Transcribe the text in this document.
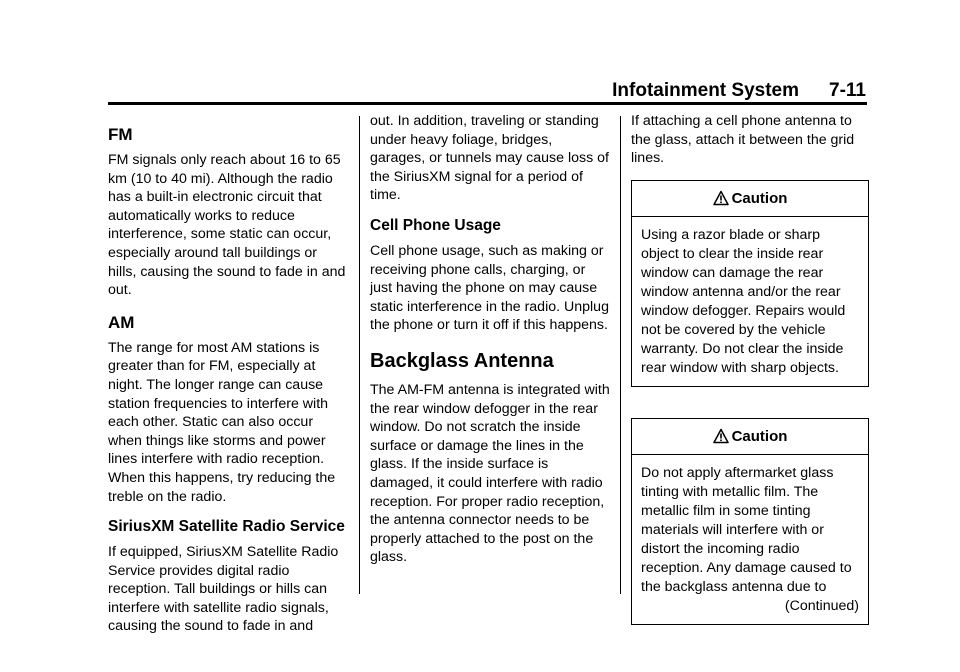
Infotainment System 7-11
FM

FM signals only reach about 16 to 65 km (10 to 40 mi). Although the radio has a built-in electronic circuit that automatically works to reduce interference, some static can occur, especially around tall buildings or hills, causing the sound to fade in and out.

AM

The range for most AM stations is greater than for FM, especially at night. The longer range can cause station frequencies to interfere with each other. Static can also occur when things like storms and power lines interfere with radio reception. When this happens, try reducing the treble on the radio.

SiriusXM Satellite Radio Service

If equipped, SiriusXM Satellite Radio Service provides digital radio reception. Tall buildings or hills can interfere with satellite radio signals, causing the sound to fade in and

out. In addition, traveling or standing under heavy foliage, bridges, garages, or tunnels may cause loss of the SiriusXM signal for a period of time.

Cell Phone Usage

Cell phone usage, such as making or receiving phone calls, charging, or just having the phone on may cause static interference in the radio. Unplug the phone or turn it off if this happens.

Backglass Antenna

The AM-FM antenna is integrated with the rear window defogger in the rear window. Do not scratch the inside surface or damage the lines in the glass. If the inside surface is damaged, it could interfere with radio reception. For proper radio reception, the antenna connector needs to be properly attached to the post on the glass.

If attaching a cell phone antenna to the glass, attach it between the grid lines.

Caution
Using a razor blade or sharp object to clear the inside rear window can damage the rear window antenna and/or the rear window defogger. Repairs would not be covered by the vehicle warranty. Do not clear the inside rear window with sharp objects.
Caution
Do not apply aftermarket glass tinting with metallic film. The metallic film in some tinting materials will interfere with or distort the incoming radio reception. Any damage caused to the backglass antenna due to
(Continued)
